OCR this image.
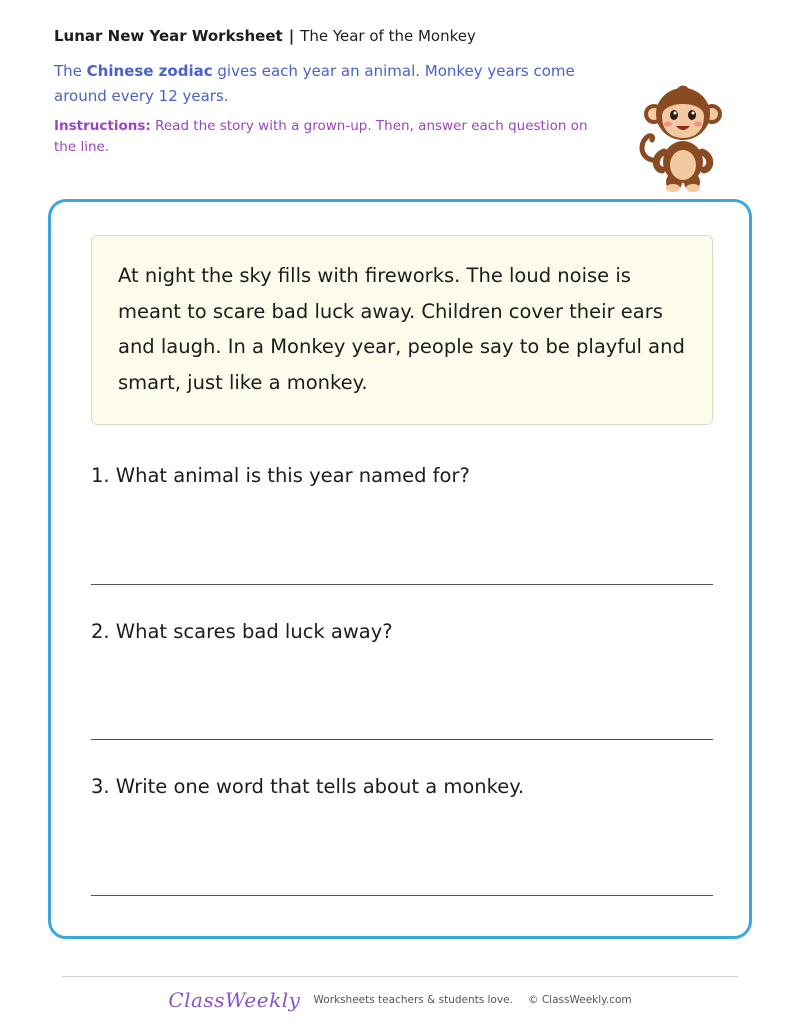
Lunar New Year Worksheet | The Year of the Monkey
The Chinese zodiac gives each year an animal. Monkey years come around every 12 years.
Instructions: Read the story with a grown-up. Then, answer each question on the line.
At night the sky fills with fireworks. The loud noise is meant to scare bad luck away. Children cover their ears and laugh. In a Monkey year, people say to be playful and smart, just like a monkey.
1. What animal is this year named for?
2. What scares bad luck away?
3. Write one word that tells about a monkey.
ClassWeekly Worksheets teachers & students love. © ClassWeekly.com
